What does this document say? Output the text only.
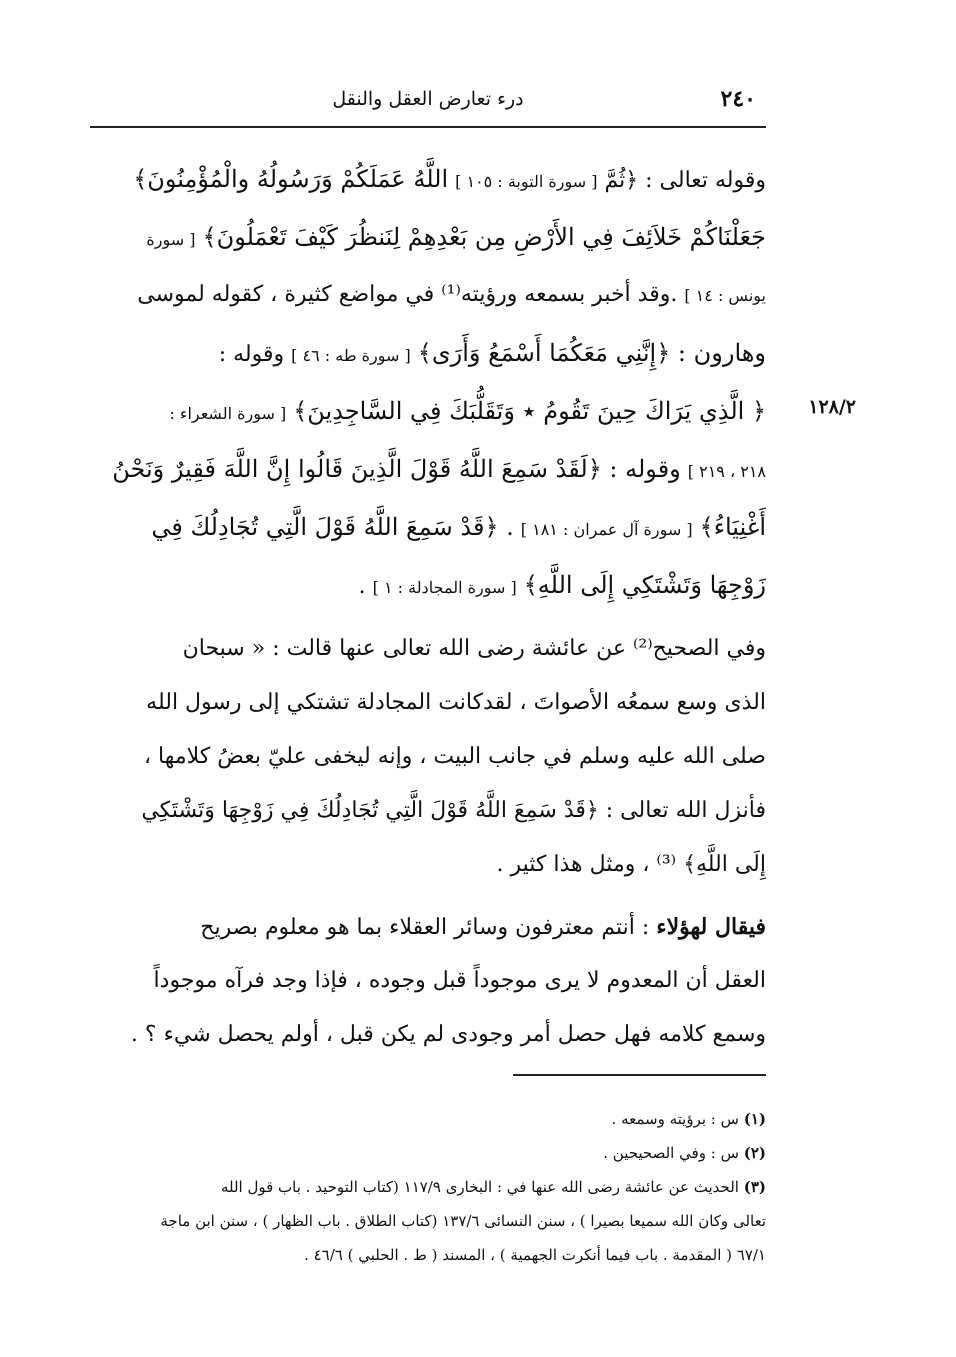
٢٤٠
درء تعارض العقل والنقل
١٢٨/٢
وقوله تعالى : ﴿ثُمَّ [ سورة التوبة : ١٠٥ ] اللَّهُ عَمَلَكُمْ وَرَسُولُهُ والْمُؤْمِنُونَ﴾
جَعَلْنَاكُمْ خَلاَئِفَ فِي الأَرْضِ مِن بَعْدِهِمْ لِنَنظُرَ كَيْفَ تَعْمَلُونَ﴾ [ سورة
يونس : ١٤ ] .وقد أخبر بسمعه ورؤيته⁽¹⁾ في مواضع كثيرة ، كقوله لموسى
وهارون : ﴿إِنَّنِي مَعَكُمَا أَسْمَعُ وَأَرَى﴾ [ سورة طه : ٤٦ ] وقوله :
﴿ الَّذِي يَرَاكَ حِينَ تَقُومُ ٭ وَتَقَلُّبَكَ فِي السَّاجِدِينَ﴾ [ سورة الشعراء :
٢١٨ ، ٢١٩ ] وقوله : ﴿لَقَدْ سَمِعَ اللَّهُ قَوْلَ الَّذِينَ قَالُوا إِنَّ اللَّهَ فَقِيرٌ وَنَحْنُ
أَغْنِيَاءُ﴾ [ سورة آل عمران : ١٨١ ] . ﴿قَدْ سَمِعَ اللَّهُ قَوْلَ الَّتِي تُجَادِلُكَ فِي
زَوْجِهَا وَتَشْتَكِي إِلَى اللَّهِ﴾ [ سورة المجادلة : ١ ] .
وفي الصحيح⁽²⁾ عن عائشة رضى الله تعالى عنها قالت : « سبحان
الذى وسع سمعُه الأصواتَ ، لقدكانت المجادلة تشتكي إلى رسول الله
صلى الله عليه وسلم في جانب البيت ، وإنه ليخفى عليّ بعضُ كلامها ،
فأنزل الله تعالى : ﴿قَدْ سَمِعَ اللَّهُ قَوْلَ الَّتِي تُجَادِلُكَ فِي زَوْجِهَا وَتَشْتَكِي
إِلَى اللَّهِ﴾ ⁽³⁾ ، ومثل هذا كثير .
فيقال لهؤلاء : أنتم معترفون وسائر العقلاء بما هو معلوم بصريح
العقل أن المعدوم لا يرى موجوداً قبل وجوده ، فإذا وجد فرآه موجوداً
وسمع كلامه فهل حصل أمر وجودى لم يكن قبل ، أولم يحصل شيء ؟ .
(١) س : برؤيته وسمعه .
(٢) س : وفي الصحيحين .
(٣) الحديث عن عائشة رضى الله عنها في : البخارى ١١٧/٩ (كتاب التوحيد . باب قول الله
تعالى وكان الله سميعا بصيرا ) ، سنن النسائى ١٣٧/٦ (كتاب الطلاق . باب الظهار ) ، سنن ابن ماجة
٦٧/١ ( المقدمة . باب فيما أنكرت الجهمية ) ، المسند ( ط . الحلبي ) ٤٦/٦ .
